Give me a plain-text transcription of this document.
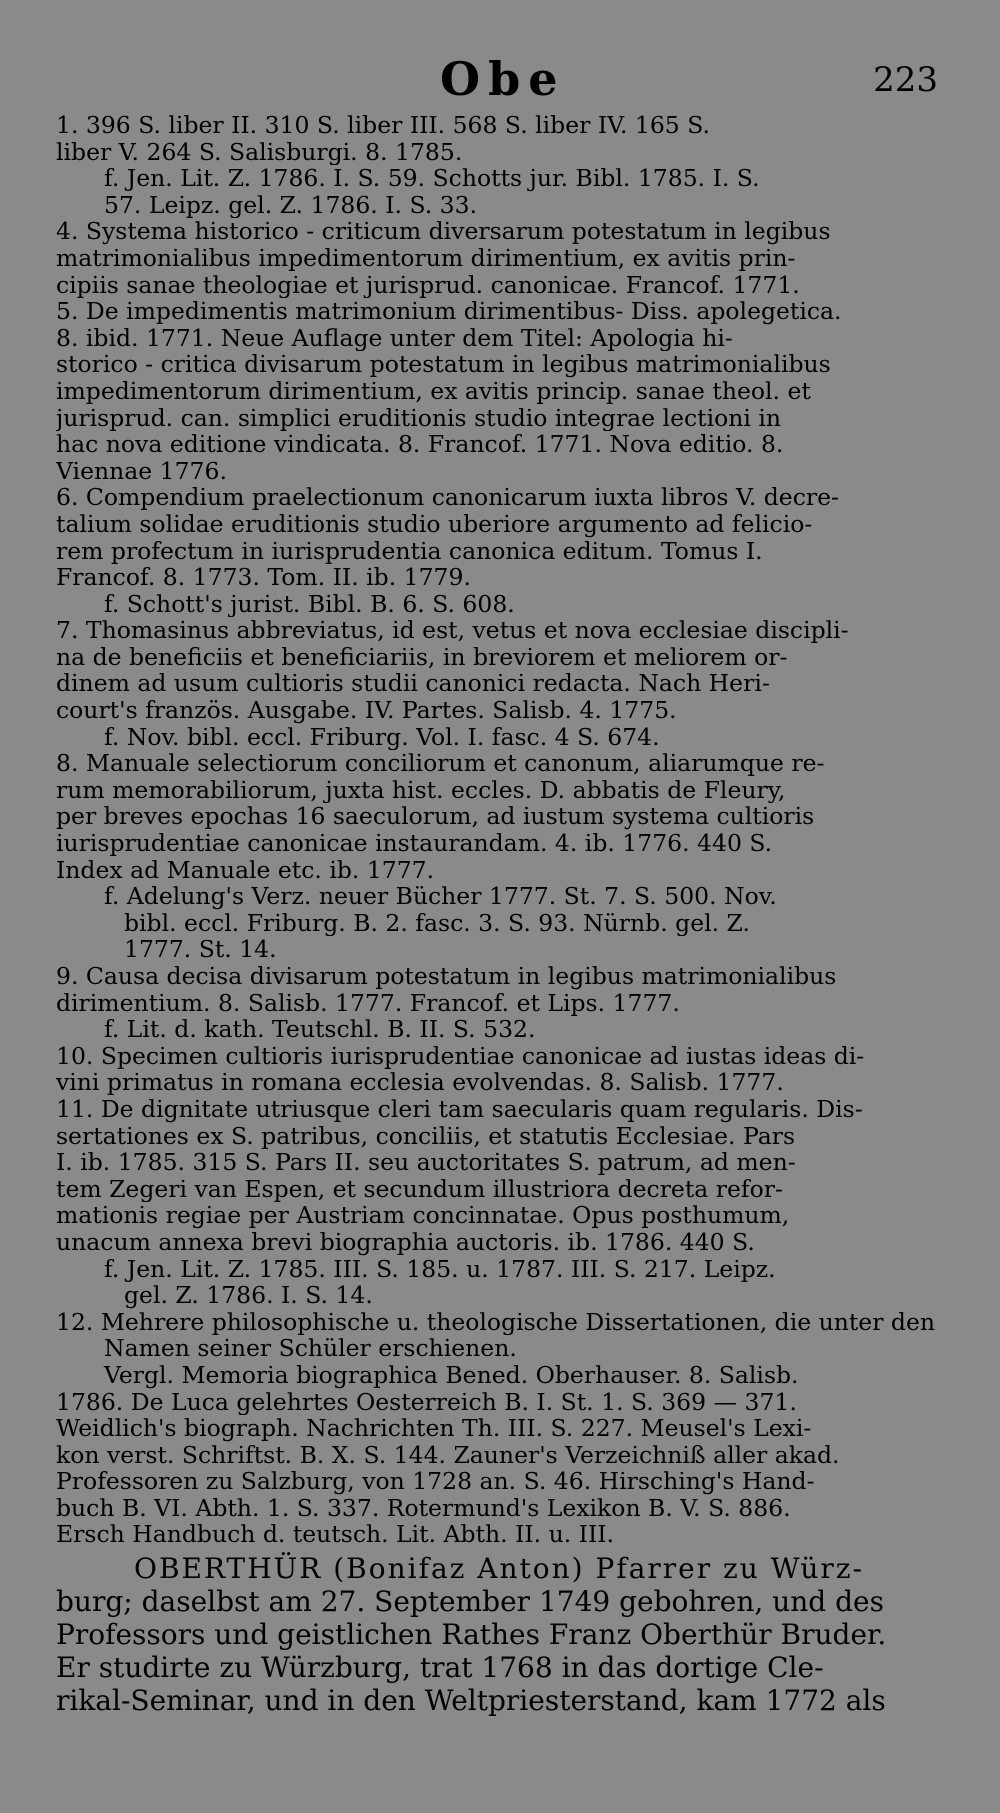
Obe	223
1. 396 S. liber II. 310 S. liber III. 568 S. liber IV. 165 S.
liber V. 264 S. Salisburgi. 8. 1785.
f. Jen. Lit. Z. 1786. I. S. 59. Schotts jur. Bibl. 1785. I. S.
57. Leipz. gel. Z. 1786. I. S. 33.
4. Systema historico - criticum diversarum potestatum in legibus
matrimonialibus impedimentorum dirimentium, ex avitis prin-
cipiis sanae theologiae et jurisprud. canonicae. Francof. 1771.
5. De impedimentis matrimonium dirimentibus- Diss. apolegetica.
8. ibid. 1771. Neue Auflage unter dem Titel: Apologia hi-
storico - critica divisarum potestatum in legibus matrimonialibus
impedimentorum dirimentium, ex avitis princip. sanae theol. et
jurisprud. can. simplici eruditionis studio integrae lectioni in
hac nova editione vindicata. 8. Francof. 1771. Nova editio. 8.
Viennae 1776.
6. Compendium praelectionum canonicarum iuxta libros V. decre-
talium solidae eruditionis studio uberiore argumento ad felicio-
rem profectum in iurisprudentia canonica editum. Tomus I.
Francof. 8. 1773. Tom. II. ib. 1779.
f. Schott's jurist. Bibl. B. 6. S. 608.
7. Thomasinus abbreviatus, id est, vetus et nova ecclesiae discipli-
na de beneficiis et beneficiariis, in breviorem et meliorem or-
dinem ad usum cultioris studii canonici redacta. Nach Heri-
court's französ. Ausgabe. IV. Partes. Salisb. 4. 1775.
f. Nov. bibl. eccl. Friburg. Vol. I. fasc. 4 S. 674.
8. Manuale selectiorum conciliorum et canonum, aliarumque re-
rum memorabiliorum, juxta hist. eccles. D. abbatis de Fleury,
per breves epochas 16 saeculorum, ad iustum systema cultioris
iurisprudentiae canonicae instaurandam. 4. ib. 1776. 440 S.
Index ad Manuale etc. ib. 1777.
f. Adelung's Verz. neuer Bücher 1777. St. 7. S. 500. Nov.
bibl. eccl. Friburg. B. 2. fasc. 3. S. 93. Nürnb. gel. Z.
1777. St. 14.
9. Causa decisa divisarum potestatum in legibus matrimonialibus
dirimentium. 8. Salisb. 1777. Francof. et Lips. 1777.
f. Lit. d. kath. Teutschl. B. II. S. 532.
10. Specimen cultioris iurisprudentiae canonicae ad iustas ideas di-
vini primatus in romana ecclesia evolvendas. 8. Salisb. 1777.
11. De dignitate utriusque cleri tam saecularis quam regularis. Dis-
sertationes ex S. patribus, conciliis, et statutis Ecclesiae. Pars
I. ib. 1785. 315 S. Pars II. seu auctoritates S. patrum, ad men-
tem Zegeri van Espen, et secundum illustriora decreta refor-
mationis regiae per Austriam concinnatae. Opus posthumum,
unacum annexa brevi biographia auctoris. ib. 1786. 440 S.
f. Jen. Lit. Z. 1785. III. S. 185. u. 1787. III. S. 217. Leipz.
gel. Z. 1786. I. S. 14.
12. Mehrere philosophische u. theologische Dissertationen, die unter den
Namen seiner Schüler erschienen.
Vergl. Memoria biographica Bened. Oberhauser. 8. Salisb.
1786. De Luca gelehrtes Oesterreich B. I. St. 1. S. 369 — 371.
Weidlich's biograph. Nachrichten Th. III. S. 227. Meusel's Lexi-
kon verst. Schriftst. B. X. S. 144. Zauner's Verzeichniß aller akad.
Professoren zu Salzburg, von 1728 an. S. 46. Hirsching's Hand-
buch B. VI. Abth. 1. S. 337. Rotermund's Lexikon B. V. S. 886.
Ersch Handbuch d. teutsch. Lit. Abth. II. u. III.
OBERTHÜR (Bonifaz Anton) Pfarrer zu Würz-
burg; daselbst am 27. September 1749 gebohren, und des
Professors und geistlichen Rathes Franz Oberthür Bruder.
Er studirte zu Würzburg, trat 1768 in das dortige Cle-
rikal-Seminar, und in den Weltpriesterstand, kam 1772 als
